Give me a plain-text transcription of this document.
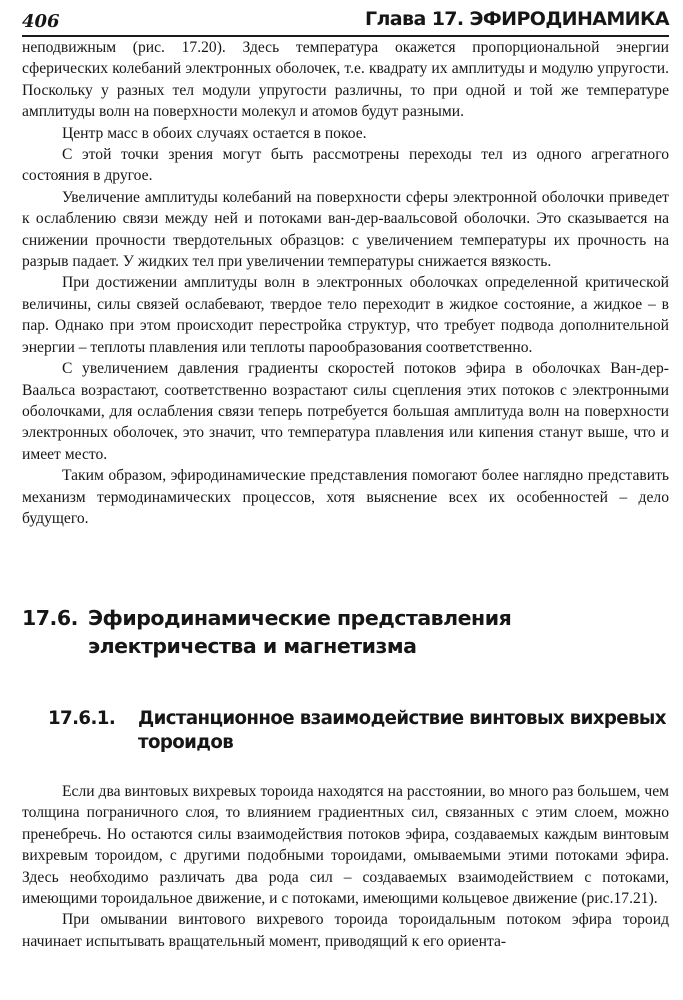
406	Глава 17. ЭФИРОДИНАМИКА

неподвижным (рис. 17.20). Здесь температура окажется пропорциональной энергии сферических колебаний электронных оболочек, т.е. квадрату их амплитуды и модулю упругости. Поскольку у разных тел модули упругости различны, то при одной и той же температуре амплитуды волн на поверхности молекул и атомов будут разными.

Центр масс в обоих случаях остается в покое.

С этой точки зрения могут быть рассмотрены переходы тел из одного агрегатного состояния в другое.

Увеличение амплитуды колебаний на поверхности сферы электронной оболочки приведет к ослаблению связи между ней и потоками ван-дер-ваальсовой оболочки. Это сказывается на снижении прочности твердотельных образцов: с увеличением температуры их прочность на разрыв падает. У жидких тел при увеличении температуры снижается вязкость.

При достижении амплитуды волн в электронных оболочках определенной критической величины, силы связей ослабевают, твердое тело переходит в жидкое состояние, а жидкое – в пар. Однако при этом происходит перестройка структур, что требует подвода дополнительной энергии – теплоты плавления или теплоты парообразования соответственно.

С увеличением давления градиенты скоростей потоков эфира в оболочках Ван-дер-Ваальса возрастают, соответственно возрастают силы сцепления этих потоков с электронными оболочками, для ослабления связи теперь потребуется большая амплитуда волн на поверхности электронных оболочек, это значит, что температура плавления или кипения станут выше, что и имеет место.

Таким образом, эфиродинамические представления помогают более наглядно представить механизм термодинамических процессов, хотя выяснение всех их особенностей – дело будущего.

17.6. Эфиродинамические представления электричества и магнетизма
17.6.1.	Дистанционное взаимодействие винтовых вихревых тороидов

Если два винтовых вихревых тороида находятся на расстоянии, во много раз большем, чем толщина пограничного слоя, то влиянием градиентных сил, связанных с этим слоем, можно пренебречь. Но остаются силы взаимодействия потоков эфира, создаваемых каждым винтовым вихревым тороидом, с другими подобными тороидами, омываемыми этими потоками эфира. Здесь необходимо различать два рода сил – создаваемых взаимодействием с потоками, имеющими тороидальное движение, и с потоками, имеющими кольцевое движение (рис.17.21).

При омывании винтового вихревого тороида тороидальным потоком эфира тороид начинает испытывать вращательный момент, приводящий к его ориента-
